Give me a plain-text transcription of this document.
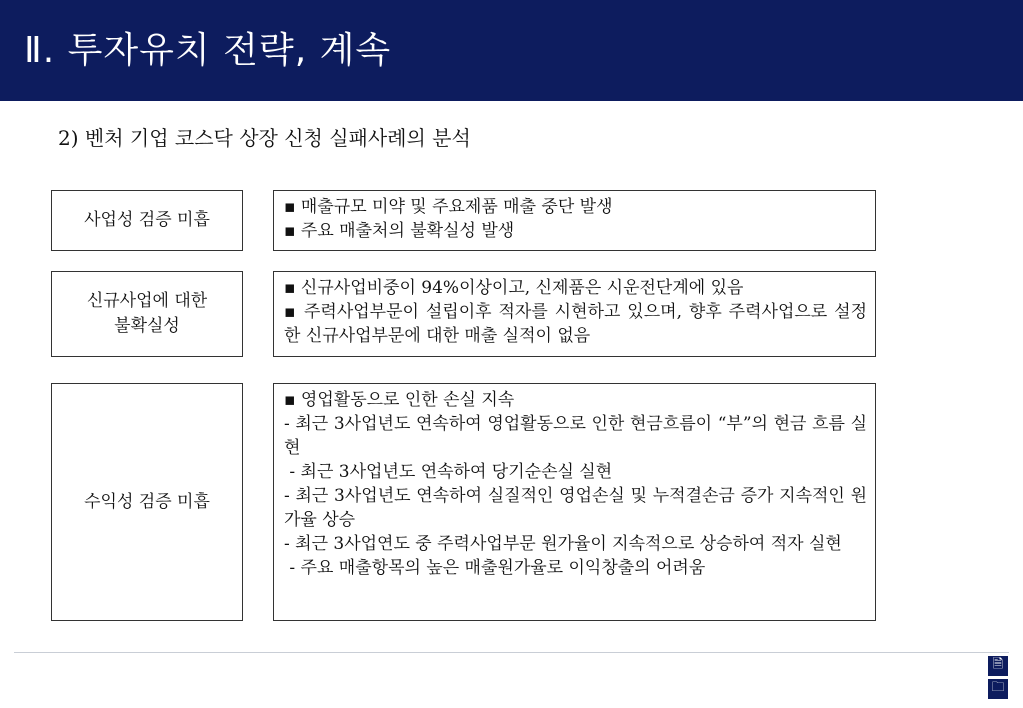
Ⅱ. 투자유치 전략, 계속
2) 벤처 기업 코스닥 상장 신청 실패사례의 분석
사업성 검증 미흡
▪ 매출규모 미약 및 주요제품 매출 중단 발생
▪ 주요 매출처의 불확실성 발생
신규사업에 대한
불확실성
▪ 신규사업비중이 94%이상이고, 신제품은 시운전단계에 있음
▪ 주력사업부문이 설립이후 적자를 시현하고 있으며, 향후 주력사업으로 설정한 신규사업부문에 대한 매출 실적이 없음
수익성 검증 미흡
▪ 영업활동으로 인한 손실 지속
- 최근 3사업년도 연속하여 영업활동으로 인한 현금흐름이 “부”의 현금 흐름 실현
- 최근 3사업년도 연속하여 당기순손실 실현
- 최근 3사업년도 연속하여 실질적인 영업손실 및 누적결손금 증가 지속적인 원가율 상승
- 최근 3사업연도 중 주력사업부문 원가율이 지속적으로 상승하여 적자 실현
- 주요 매출항목의 높은 매출원가율로 이익창출의 어려움
🗎
🗀
